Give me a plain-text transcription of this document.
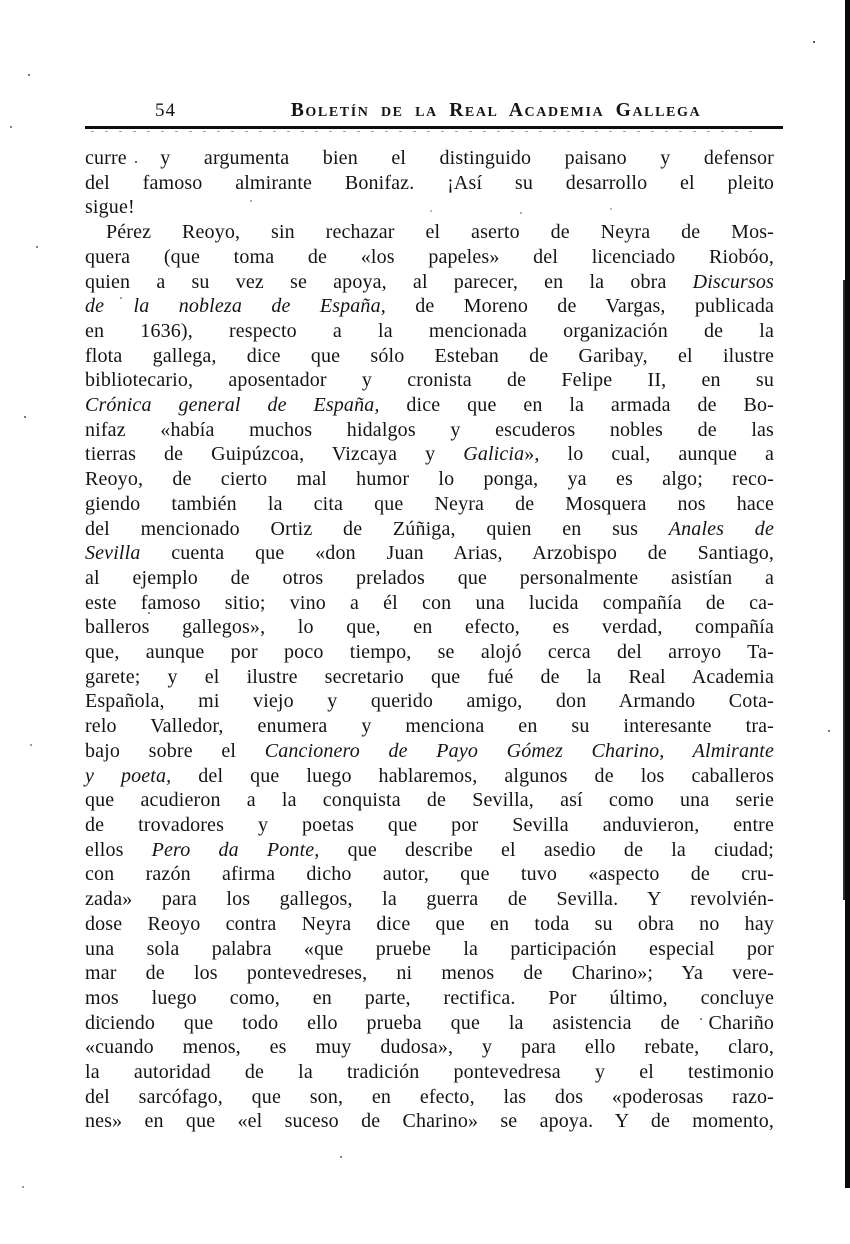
54	Boletín de la Real Academia Gallega
curre y argumenta bien el distinguido paisano y defensor
del famoso almirante Bonifaz. ¡Así su desarrollo el pleito
sigue!
Pérez Reoyo, sin rechazar el aserto de Neyra de Mos-
quera (que toma de «los papeles» del licenciado Riobóo,
quien a su vez se apoya, al parecer, en la obra Discursos
de la nobleza de España, de Moreno de Vargas, publicada
en 1636), respecto a la mencionada organización de la
flota gallega, dice que sólo Esteban de Garibay, el ilustre
bibliotecario, aposentador y cronista de Felipe II, en su
Crónica general de España, dice que en la armada de Bo-
nifaz «había muchos hidalgos y escuderos nobles de las
tierras de Guipúzcoa, Vizcaya y Galicia», lo cual, aunque a
Reoyo, de cierto mal humor lo ponga, ya es algo; reco-
giendo también la cita que Neyra de Mosquera nos hace
del mencionado Ortiz de Zúñiga, quien en sus Anales de
Sevilla cuenta que «don Juan Arias, Arzobispo de Santiago,
al ejemplo de otros prelados que personalmente asistían a
este famoso sitio; vino a él con una lucida compañía de ca-
balleros gallegos», lo que, en efecto, es verdad, compañía
que, aunque por poco tiempo, se alojó cerca del arroyo Ta-
garete; y el ilustre secretario que fué de la Real Academia
Española, mi viejo y querido amigo, don Armando Cota-
relo Valledor, enumera y menciona en su interesante tra-
bajo sobre el Cancionero de Payo Gómez Charino, Almirante
y poeta, del que luego hablaremos, algunos de los caballeros
que acudieron a la conquista de Sevilla, así como una serie
de trovadores y poetas que por Sevilla anduvieron, entre
ellos Pero da Ponte, que describe el asedio de la ciudad;
con razón afirma dicho autor, que tuvo «aspecto de cru-
zada» para los gallegos, la guerra de Sevilla. Y revolvién-
dose Reoyo contra Neyra dice que en toda su obra no hay
una sola palabra «que pruebe la participación especial por
mar de los pontevedreses, ni menos de Charino»; Ya vere-
mos luego como, en parte, rectifica. Por último, concluye
diciendo que todo ello prueba que la asistencia de Chariño
«cuando menos, es muy dudosa», y para ello rebate, claro,
la autoridad de la tradición pontevedresa y el testimonio
del sarcófago, que son, en efecto, las dos «poderosas razo-
nes» en que «el suceso de Charino» se apoya. Y de momento,
